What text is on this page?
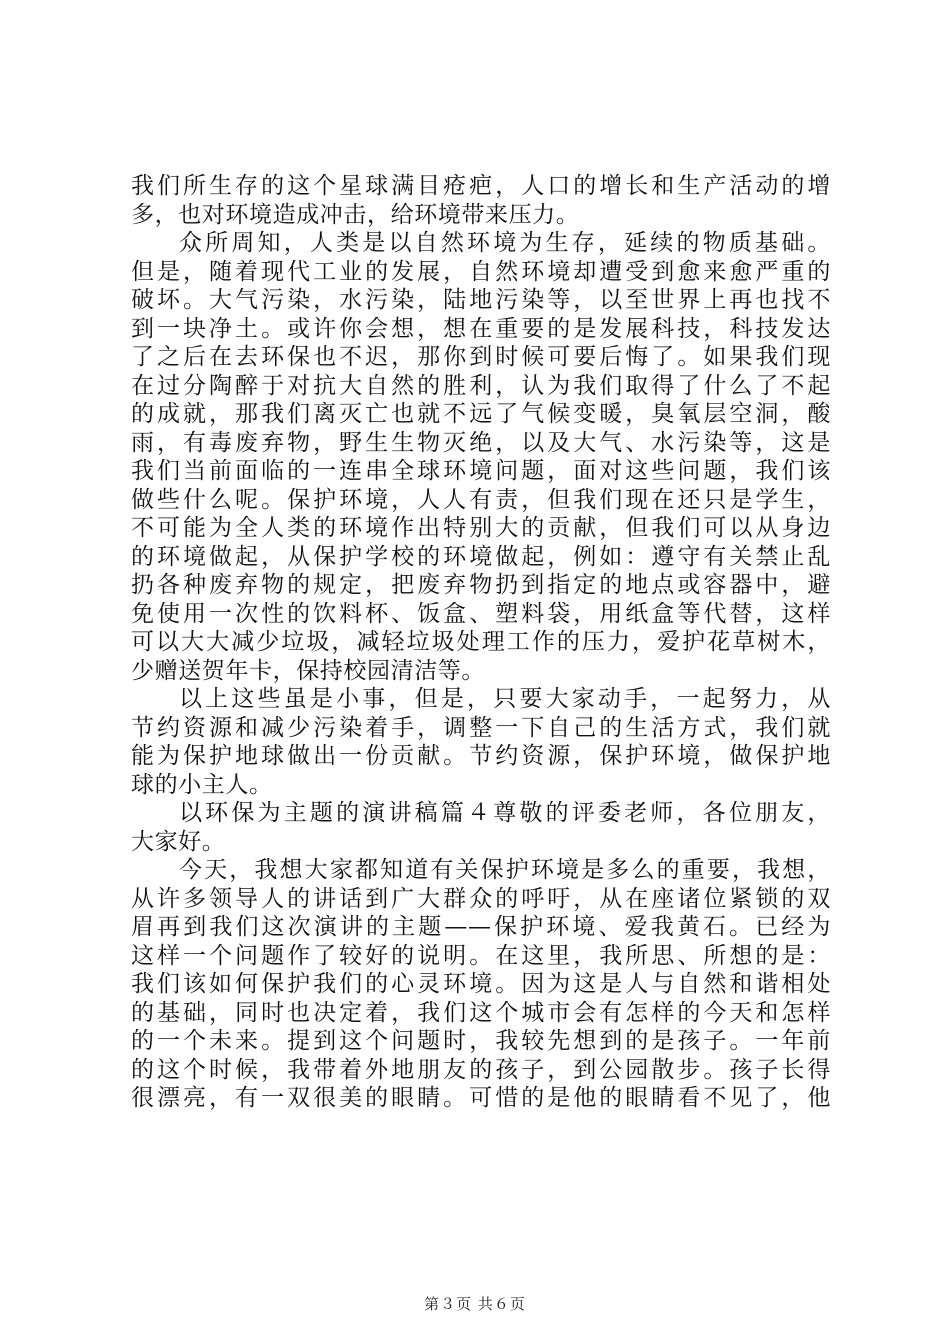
我们所生存的这个星球满目疮疤，人口的增长和生产活动的增
多，也对环境造成冲击，给环境带来压力。
众所周知，人类是以自然环境为生存，延续的物质基础。
但是，随着现代工业的发展，自然环境却遭受到愈来愈严重的
破坏。大气污染，水污染，陆地污染等，以至世界上再也找不
到一块净土。或许你会想，想在重要的是发展科技，科技发达
了之后在去环保也不迟，那你到时候可要后悔了。如果我们现
在过分陶醉于对抗大自然的胜利，认为我们取得了什么了不起
的成就，那我们离灭亡也就不远了气候变暖，臭氧层空洞，酸
雨，有毒废弃物，野生生物灭绝，以及大气、水污染等，这是
我们当前面临的一连串全球环境问题，面对这些问题，我们该
做些什么呢。保护环境，人人有责，但我们现在还只是学生，
不可能为全人类的环境作出特别大的贡献，但我们可以从身边
的环境做起，从保护学校的环境做起，例如：遵守有关禁止乱
扔各种废弃物的规定，把废弃物扔到指定的地点或容器中，避
免使用一次性的饮料杯、饭盒、塑料袋，用纸盒等代替，这样
可以大大减少垃圾，减轻垃圾处理工作的压力，爱护花草树木，
少赠送贺年卡，保持校园清洁等。
以上这些虽是小事，但是，只要大家动手，一起努力，从
节约资源和减少污染着手，调整一下自己的生活方式，我们就
能为保护地球做出一份贡献。节约资源，保护环境，做保护地
球的小主人。
以环保为主题的演讲稿篇４尊敬的评委老师，各位朋友，
大家好。
今天，我想大家都知道有关保护环境是多么的重要，我想，
从许多领导人的讲话到广大群众的呼吁，从在座诸位紧锁的双
眉再到我们这次演讲的主题——保护环境、爱我黄石。已经为
这样一个问题作了较好的说明。在这里，我所思、所想的是：
我们该如何保护我们的心灵环境。因为这是人与自然和谐相处
的基础，同时也决定着，我们这个城市会有怎样的今天和怎样
的一个未来。提到这个问题时，我较先想到的是孩子。一年前
的这个时候，我带着外地朋友的孩子，到公园散步。孩子长得
很漂亮，有一双很美的眼睛。可惜的是他的眼睛看不见了，他
第３页 共６页
